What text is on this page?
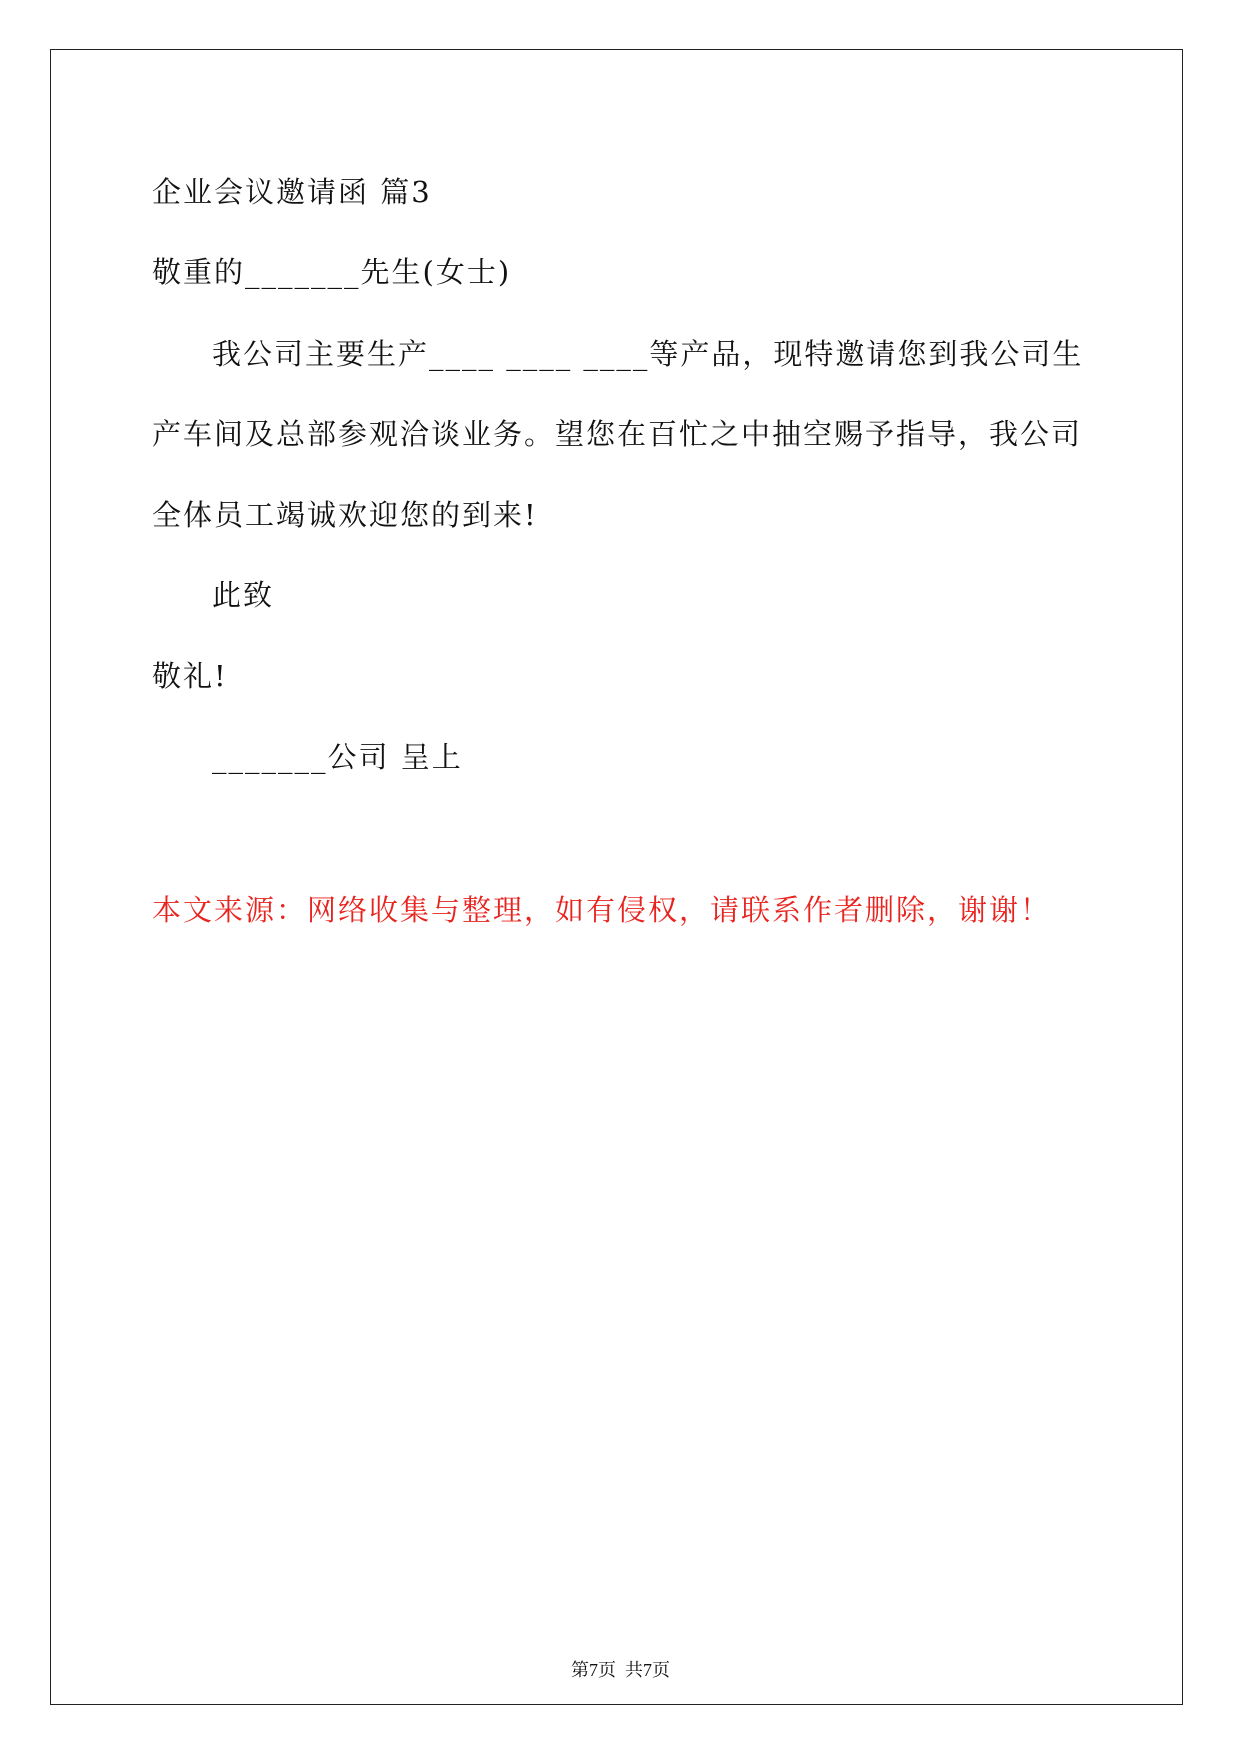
企业会议邀请函 篇3
敬重的_______先生(女士)
我公司主要生产____ ____ ____等产品，现特邀请您到我公司生
产车间及总部参观洽谈业务。望您在百忙之中抽空赐予指导，我公司
全体员工竭诚欢迎您的到来!
此致
敬礼!
_______公司 呈上
本文来源：网络收集与整理，如有侵权，请联系作者删除，谢谢！
第7页  共7页
